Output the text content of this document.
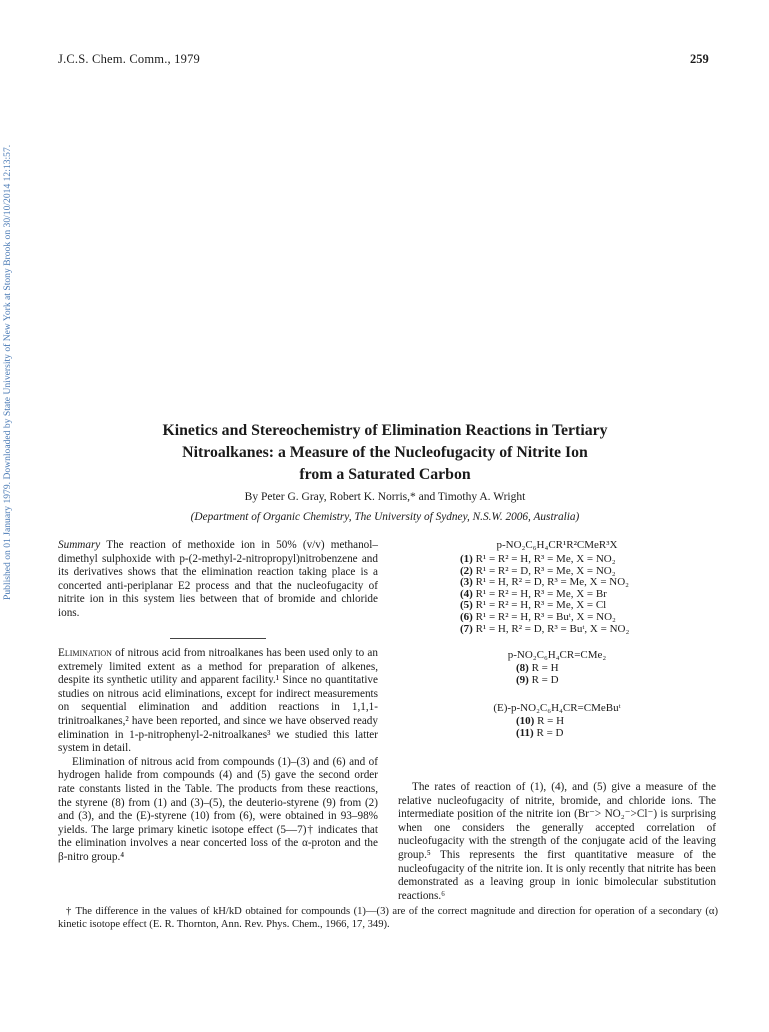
J.C.S. Chem. Comm., 1979	259
Published on 01 January 1979. Downloaded by State University of New York at Stony Brook on 30/10/2014 12:13:57.	Kinetics and Stereochemistry of Elimination Reactions in Tertiary
Nitroalkanes: a Measure of the Nucleofugacity of Nitrite Ion
from a Saturated Carbon
By Peter G. Gray, Robert K. Norris,* and Timothy A. Wright
(Department of Organic Chemistry, The University of Sydney, N.S.W. 2006, Australia)
Summary The reaction of methoxide ion in 50% (v/v) methanol–dimethyl sulphoxide with p-(2-methyl-2-nitropropyl)nitrobenzene and its derivatives shows that the elimination reaction taking place is a concerted anti-periplanar E2 process and that the nucleofugacity of nitrite ion in this system lies between that of bromide and chloride ions.

Elimination of nitrous acid from nitroalkanes has been used only to an extremely limited extent as a method for preparation of alkenes, despite its synthetic utility and apparent facility.¹ Since no quantitative studies on nitrous acid eliminations, except for indirect measurements on sequential elimination and addition reactions in 1,1,1-trinitroalkanes,² have been reported, and since we have observed ready elimination in 1-p-nitrophenyl-2-nitroalkanes³ we studied this latter system in detail.

Elimination of nitrous acid from compounds (1)–(3) and (6) and of hydrogen halide from compounds (4) and (5) gave the second order rate constants listed in the Table. The products from these reactions, the styrene (8) from (1) and (3)–(5), the deuterio-styrene (9) from (2) and (3), and the (E)-styrene (10) from (6), were obtained in 93–98% yields. The large primary kinetic isotope effect (5—7)† indicates that the elimination involves a near concerted loss of the α-proton and the β-nitro group.⁴

p-NO₂C₆H₄CR¹R²CMeR³X
(1) R¹ = R² = H, R³ = Me, X = NO₂
(2) R¹ = R² = D, R³ = Me, X = NO₂
(3) R¹ = H, R² = D, R³ = Me, X = NO₂
(4) R¹ = R² = H, R³ = Me, X = Br
(5) R¹ = R² = H, R³ = Me, X = Cl
(6) R¹ = R² = H, R³ = Buᵗ, X = NO₂
(7) R¹ = H, R² = D, R³ = Buᵗ, X = NO₂
p-NO₂C₆H₄CR=CMe₂
(8) R = H
(9) R = D
(E)-p-NO₂C₆H₄CR=CMeBuᵗ
(10) R = H
(11) R = D

The rates of reaction of (1), (4), and (5) give a measure of the relative nucleofugacity of nitrite, bromide, and chloride ions. The intermediate position of the nitrite ion (Br⁻> NO₂⁻>Cl⁻) is surprising when one considers the generally accepted correlation of nucleofugacity with the strength of the conjugate acid of the leaving group.⁵ This represents the first quantitative measure of the nucleofugacity of the nitrite ion. It is only recently that nitrite has been demonstrated as a leaving group in ionic bimolecular substitution reactions.⁶

† The difference in the values of kH/kD obtained for compounds (1)—(3) are of the correct magnitude and direction for operation of a secondary (α) kinetic isotope effect (E. R. Thornton, Ann. Rev. Phys. Chem., 1966, 17, 349).
